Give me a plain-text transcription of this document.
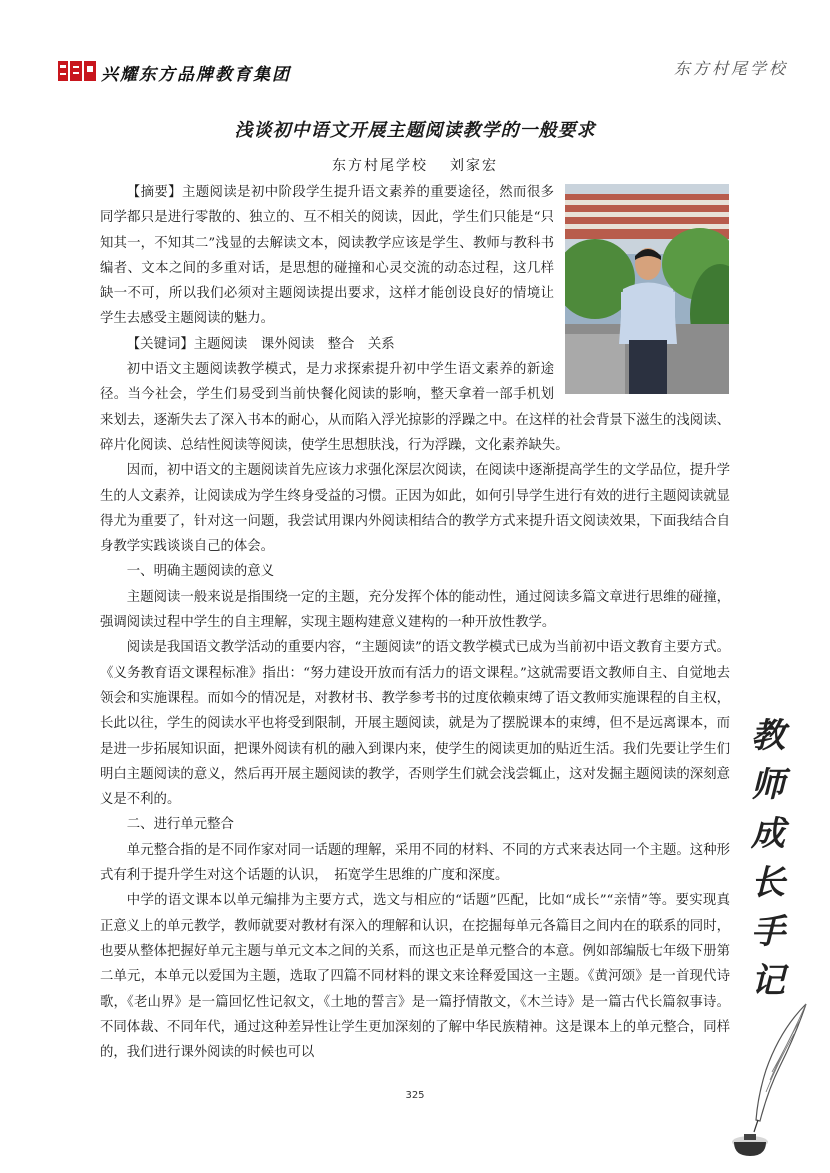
兴耀东方品牌教育集团	东方村尾学校
浅谈初中语文开展主题阅读教学的一般要求
东方村尾学校 刘家宏

【摘要】主题阅读是初中阶段学生提升语文素养的重要途径，然而很多同学都只是进行零散的、独立的、互不相关的阅读，因此，学生们只能是“只知其一，不知其二”浅显的去解读文本，阅读教学应该是学生、教师与教科书编者、文本之间的多重对话，是思想的碰撞和心灵交流的动态过程，这几样缺一不可，所以我们必须对主题阅读提出要求，这样才能创设良好的情境让学生去感受主题阅读的魅力。

【关键词】主题阅读　课外阅读　整合　关系

初中语文主题阅读教学模式，是力求探索提升初中学生语文素养的新途径。当今社会，学生们易受到当前快餐化阅读的影响，整天拿着一部手机划来划去，逐渐失去了深入书本的耐心，从而陷入浮光掠影的浮躁之中。在这样的社会背景下滋生的浅阅读、碎片化阅读、总结性阅读等阅读，使学生思想肤浅，行为浮躁，文化素养缺失。

因而，初中语文的主题阅读首先应该力求强化深层次阅读，在阅读中逐渐提高学生的文学品位，提升学生的人文素养，让阅读成为学生终身受益的习惯。正因为如此，如何引导学生进行有效的进行主题阅读就显得尤为重要了，针对这一问题，我尝试用课内外阅读相结合的教学方式来提升语文阅读效果，下面我结合自身教学实践谈谈自己的体会。

一、明确主题阅读的意义

主题阅读一般来说是指围绕一定的主题，充分发挥个体的能动性，通过阅读多篇文章进行思维的碰撞，强调阅读过程中学生的自主理解，实现主题构建意义建构的一种开放性教学。

阅读是我国语文教学活动的重要内容，“主题阅读”的语文教学模式已成为当前初中语文教育主要方式。《义务教育语文课程标准》指出：“努力建设开放而有活力的语文课程。”这就需要语文教师自主、自觉地去领会和实施课程。而如今的情况是，对教材书、教学参考书的过度依赖束缚了语文教师实施课程的自主权，长此以往，学生的阅读水平也将受到限制，开展主题阅读，就是为了摆脱课本的束缚，但不是远离课本，而是进一步拓展知识面，把课外阅读有机的融入到课内来，使学生的阅读更加的贴近生活。我们先要让学生们明白主题阅读的意义，然后再开展主题阅读的教学，否则学生们就会浅尝辄止，这对发掘主题阅读的深刻意义是不利的。

二、进行单元整合

单元整合指的是不同作家对同一话题的理解，采用不同的材料、不同的方式来表达同一个主题。这种形式有利于提升学生对这个话题的认识，　拓宽学生思维的广度和深度。

中学的语文课本以单元编排为主要方式，选文与相应的“话题”匹配，比如“成长”“亲情”等。要实现真正意义上的单元教学，教师就要对教材有深入的理解和认识，在挖掘每单元各篇目之间内在的联系的同时，也要从整体把握好单元主题与单元文本之间的关系，而这也正是单元整合的本意。例如部编版七年级下册第二单元，本单元以爱国为主题，选取了四篇不同材料的课文来诠释爱国这一主题。《黄河颂》是一首现代诗歌，《老山界》是一篇回忆性记叙文，《土地的誓言》是一篇抒情散文，《木兰诗》是一篇古代长篇叙事诗。不同体裁、不同年代，通过这种差异性让学生更加深刻的了解中华民族精神。这是课本上的单元整合，同样的，我们进行课外阅读的时候也可以

教
师
成
长
手
记
325
